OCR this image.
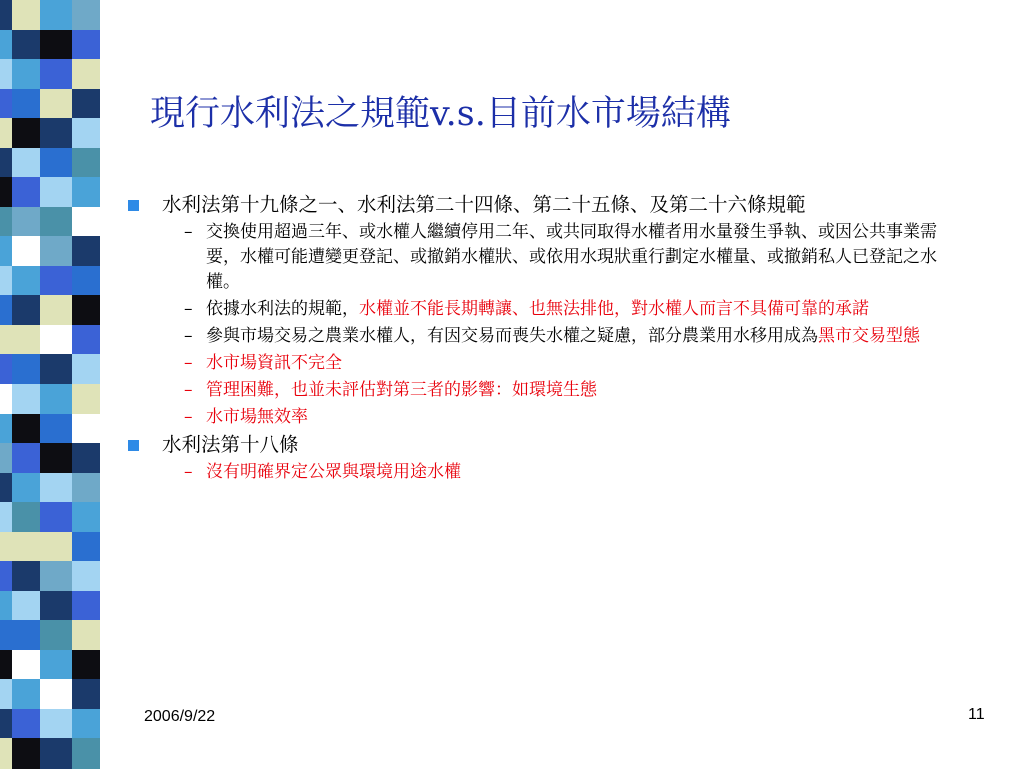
現行水利法之規範v.s.目前水市場結構
水利法第十九條之一、水利法第二十四條、第二十五條、及第二十六條規範
– 交換使用超過三年、或水權人繼續停用二年、或共同取得水權者用水量發生爭執、或因公共事業需要，水權可能遭變更登記、或撤銷水權狀、或依用水現狀重行劃定水權量、或撤銷私人已登記之水權。
– 依據水利法的規範，水權並不能長期轉讓、也無法排他，對水權人而言不具備可靠的承諾
– 參與市場交易之農業水權人，有因交易而喪失水權之疑慮，部分農業用水移用成為黑市交易型態
– 水市場資訊不完全
– 管理困難，也並未評估對第三者的影響：如環境生態
– 水市場無效率
水利法第十八條
– 沒有明確界定公眾與環境用途水權
2006/9/22	11
